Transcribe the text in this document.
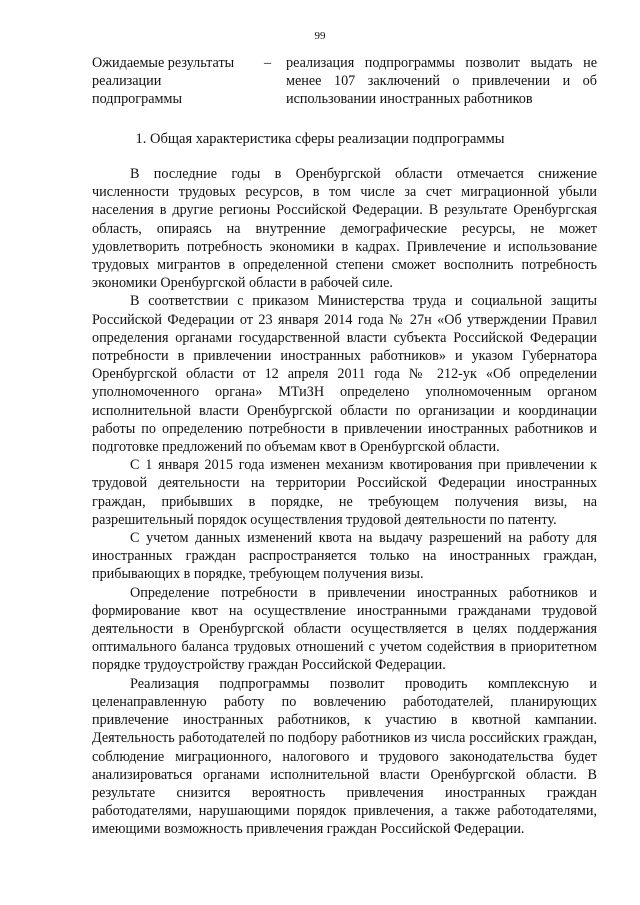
99
Ожидаемые результаты реализации подпрограммы
– реализация подпрограммы позволит выдать не менее 107 заключений о привлечении и об использовании иностранных работников
1. Общая характеристика сферы реализации подпрограммы

В последние годы в Оренбургской области отмечается снижение численности трудовых ресурсов, в том числе за счет миграционной убыли населения в другие регионы Российской Федерации. В результате Оренбургская область, опираясь на внутренние демографические ресурсы, не может удовлетворить потребность экономики в кадрах. Привлечение и использование трудовых мигрантов в определенной степени сможет восполнить потребность экономики Оренбургской области в рабочей силе.

В соответствии с приказом Министерства труда и социальной защиты Российской Федерации от 23 января 2014 года № 27н «Об утверждении Правил определения органами государственной власти субъекта Российской Федерации потребности в привлечении иностранных работников» и указом Губернатора Оренбургской области от 12 апреля 2011 года № 212-ук «Об определении уполномоченного органа» МТиЗН определено уполномоченным органом исполнительной власти Оренбургской области по организации и координации работы по определению потребности в привлечении иностранных работников и подготовке предложений по объемам квот в Оренбургской области.

С 1 января 2015 года изменен механизм квотирования при привлечении к трудовой деятельности на территории Российской Федерации иностранных граждан, прибывших в порядке, не требующем получения визы, на разрешительный порядок осуществления трудовой деятельности по патенту.

С учетом данных изменений квота на выдачу разрешений на работу для иностранных граждан распространяется только на иностранных граждан, прибывающих в порядке, требующем получения визы.

Определение потребности в привлечении иностранных работников и формирование квот на осуществление иностранными гражданами трудовой деятельности в Оренбургской области осуществляется в целях поддержания оптимального баланса трудовых отношений с учетом содействия в приоритетном порядке трудоустройству граждан Российской Федерации.

Реализация подпрограммы позволит проводить комплексную и целенаправленную работу по вовлечению работодателей, планирующих привлечение иностранных работников, к участию в квотной кампании. Деятельность работодателей по подбору работников из числа российских граждан, соблюдение миграционного, налогового и трудового законодательства будет анализироваться органами исполнительной власти Оренбургской области. В результате снизится вероятность привлечения иностранных граждан работодателями, нарушающими порядок привлечения, а также работодателями, имеющими возможность привлечения граждан Российской Федерации.
